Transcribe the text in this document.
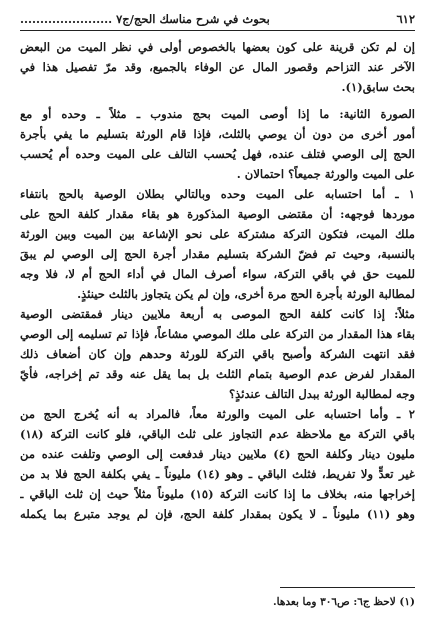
٦١٢
بحوث في شرح مناسك الحج/ج٧ .......................
إن لم تكن قرينة على كون بعضها بالخصوص أولى في نظر الميت من البعض
الآخر عند التزاحم وقصور المال عن الوفاء بالجميع، وقد مرّ تفصيل هذا في
بحث سابق(١).
الصورة الثانية: ما إذا أوصى الميت بحج مندوب ـ مثلاً ـ وحده أو مع
أمور أخرى من دون أن يوصي بالثلث، فإذا قام الورثة بتسليم ما يفي بأجرة
الحج إلى الوصي فتلف عنده، فهل يُحسب التالف على الميت وحده أم يُحسب
على الميت والورثة جميعاً؟ احتمالان .
١ ـ أما احتسابه على الميت وحده وبالتالي بطلان الوصية بالحج بانتفاء
موردها فوجهه: أن مقتضى الوصية المذكورة هو بقاء مقدار كلفة الحج على
ملك الميت، فتكون التركة مشتركة على نحو الإشاعة بين الميت وبين الورثة
بالنسبة، وحيث تم فضّ الشركة بتسليم مقدار أجرة الحج إلى الوصي لم يبقَ
للميت حق في باقي التركة، سواء أصرف المال في أداء الحج أم لا، فلا وجه
لمطالبة الورثة بأجرة الحج مرة أخرى، وإن لم يكن يتجاوز بالثلث حينئذٍ.
مثلاً: إذا كانت كلفة الحج الموصى به أربعة ملايين دينار فمقتضى الوصية
بقاء هذا المقدار من التركة على ملك الموصي مشاعاً، فإذا تم تسليمه إلى الوصي
فقد انتهت الشركة وأصبح باقي التركة للورثة وحدهم وإن كان أضعاف ذلك
المقدار لفرض عدم الوصية بتمام الثلث بل بما يقل عنه وقد تم إخراجه، فأيّ
وجه لمطالبة الورثة ببدل التالف عندئذٍ؟
٢ ـ وأما احتسابه على الميت والورثة معاً، فالمراد به أنه يُخرج الحج من
باقي التركة مع ملاحظة عدم التجاوز على ثلث الباقي، فلو كانت التركة (١٨)
مليون دينار وكلفة الحج (٤) ملايين دينار فدفعت إلى الوصي وتلفت عنده من
غير تعدٍّ ولا تفريط، فثلث الباقي ـ وهو (١٤) مليوناً ـ يفي بكلفة الحج فلا بد من
إخراجها منه، بخلاف ما إذا كانت التركة (١٥) مليوناً مثلاً حيث إن ثلث الباقي ـ
وهو (١١) مليوناً ـ لا يكون بمقدار كلفة الحج، فإن لم يوجد متبرع بما يكمله
(١) لاحظ ج٦: ص٣٠٦ وما بعدها.
